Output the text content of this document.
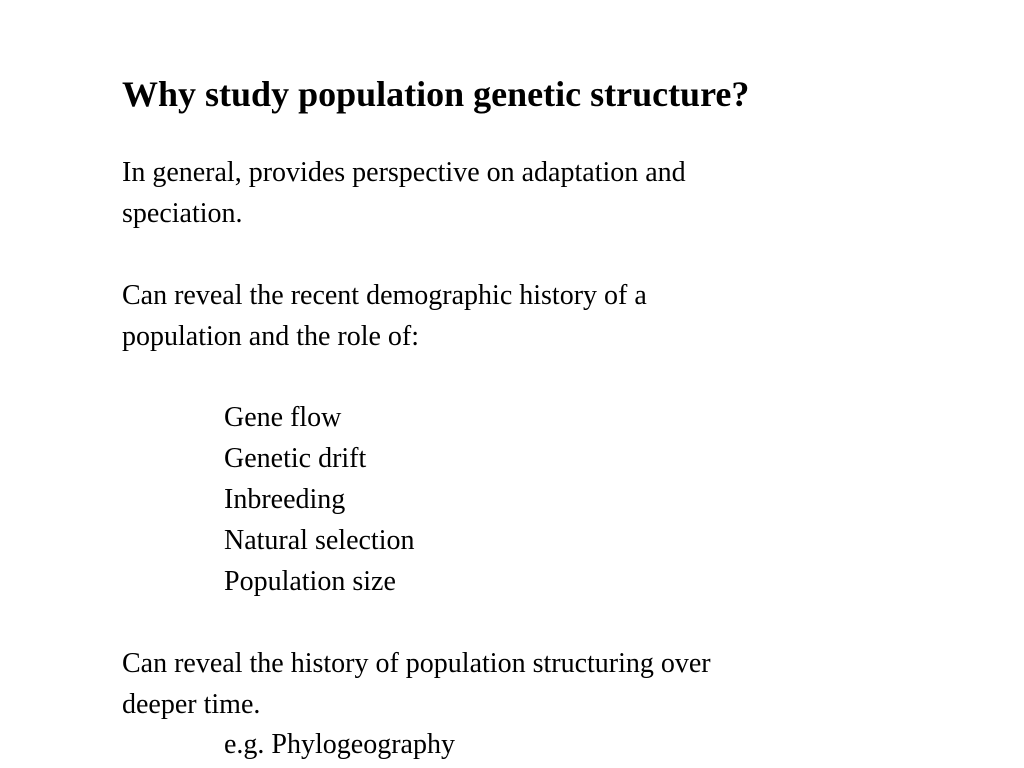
Why study population genetic structure?

In general, provides perspective on adaptation and

speciation.

Can reveal the recent demographic history of a

population and the role of:

Gene flow

Genetic drift

Inbreeding

Natural selection

Population size

Can reveal the history of population structuring over

deeper time.

e.g. Phylogeography
